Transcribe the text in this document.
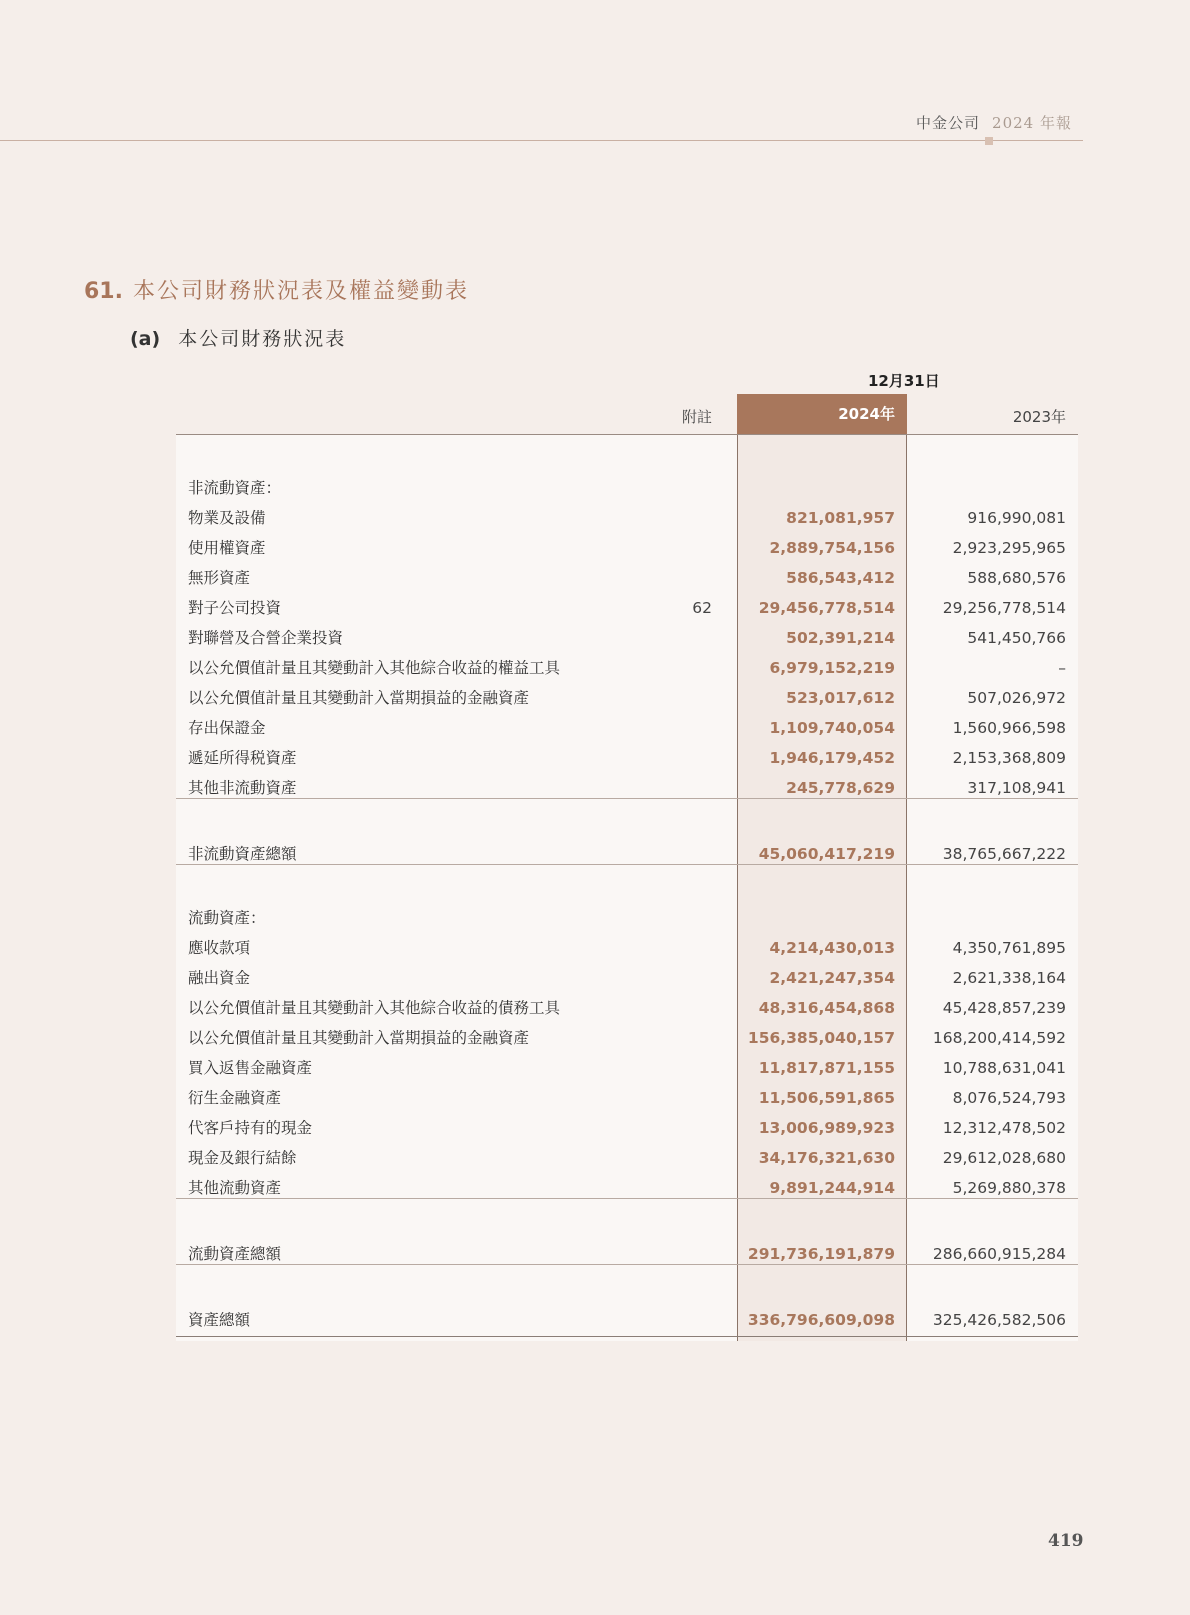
中金公司 2024 年報
61. 本公司財務狀況表及權益變動表
(a) 本公司財務狀況表
12月31日
附註	2024年	2023年
非流動資產：
物業及設備	821,081,957	916,990,081
使用權資產	2,889,754,156	2,923,295,965
無形資產	586,543,412	588,680,576
對子公司投資	62	29,456,778,514	29,256,778,514
對聯營及合營企業投資	502,391,214	541,450,766
以公允價值計量且其變動計入其他綜合收益的權益工具	6,979,152,219	–
以公允價值計量且其變動計入當期損益的金融資產	523,017,612	507,026,972
存出保證金	1,109,740,054	1,560,966,598
遞延所得税資產	1,946,179,452	2,153,368,809
其他非流動資產	245,778,629	317,108,941
非流動資產總額	45,060,417,219	38,765,667,222
流動資產：
應收款項	4,214,430,013	4,350,761,895
融出資金	2,421,247,354	2,621,338,164
以公允價值計量且其變動計入其他綜合收益的債務工具	48,316,454,868	45,428,857,239
以公允價值計量且其變動計入當期損益的金融資產	156,385,040,157	168,200,414,592
買入返售金融資產	11,817,871,155	10,788,631,041
衍生金融資產	11,506,591,865	8,076,524,793
代客戶持有的現金	13,006,989,923	12,312,478,502
現金及銀行結餘	34,176,321,630	29,612,028,680
其他流動資產	9,891,244,914	5,269,880,378
流動資產總額	291,736,191,879	286,660,915,284
資產總額	336,796,609,098	325,426,582,506
419
